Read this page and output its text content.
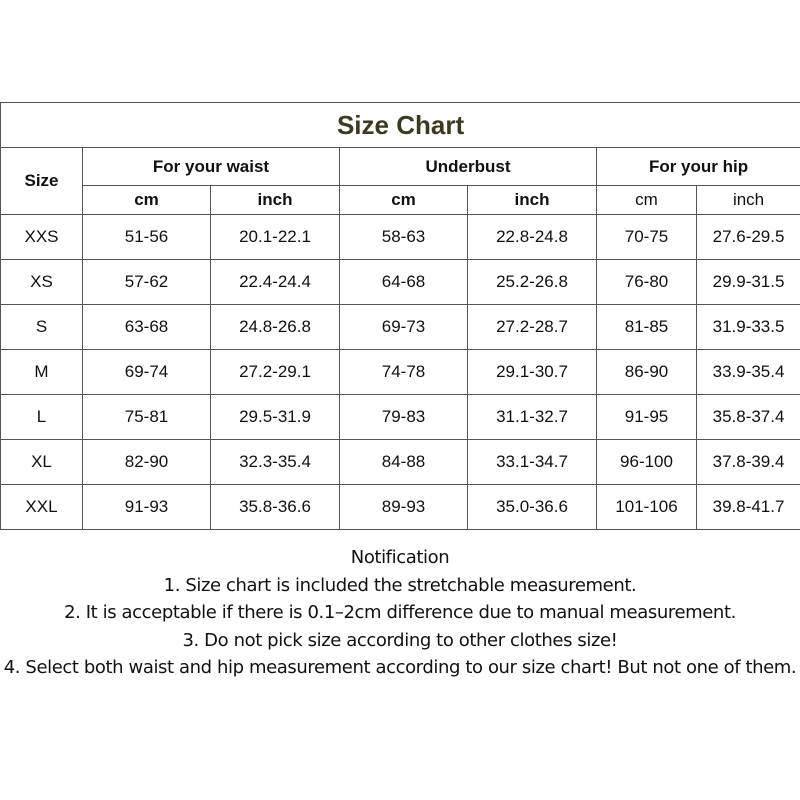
Size Chart						
Size	For your waist		Underbust		For your hip	
	cm	inch	cm	inch	cm	inch
XXS	51-56	20.1-22.1	58-63	22.8-24.8	70-75	27.6-29.5
XS	57-62	22.4-24.4	64-68	25.2-26.8	76-80	29.9-31.5
S	63-68	24.8-26.8	69-73	27.2-28.7	81-85	31.9-33.5
M	69-74	27.2-29.1	74-78	29.1-30.7	86-90	33.9-35.4
L	75-81	29.5-31.9	79-83	31.1-32.7	91-95	35.8-37.4
XL	82-90	32.3-35.4	84-88	33.1-34.7	96-100	37.8-39.4
XXL	91-93	35.8-36.6	89-93	35.0-36.6	101-106	39.8-41.7
Notification
1. Size chart is included the stretchable measurement.
2. It is acceptable if there is 0.1–2cm difference due to manual measurement.
3. Do not pick size according to other clothes size!
4. Select both waist and hip measurement according to our size chart! But not one of them.
